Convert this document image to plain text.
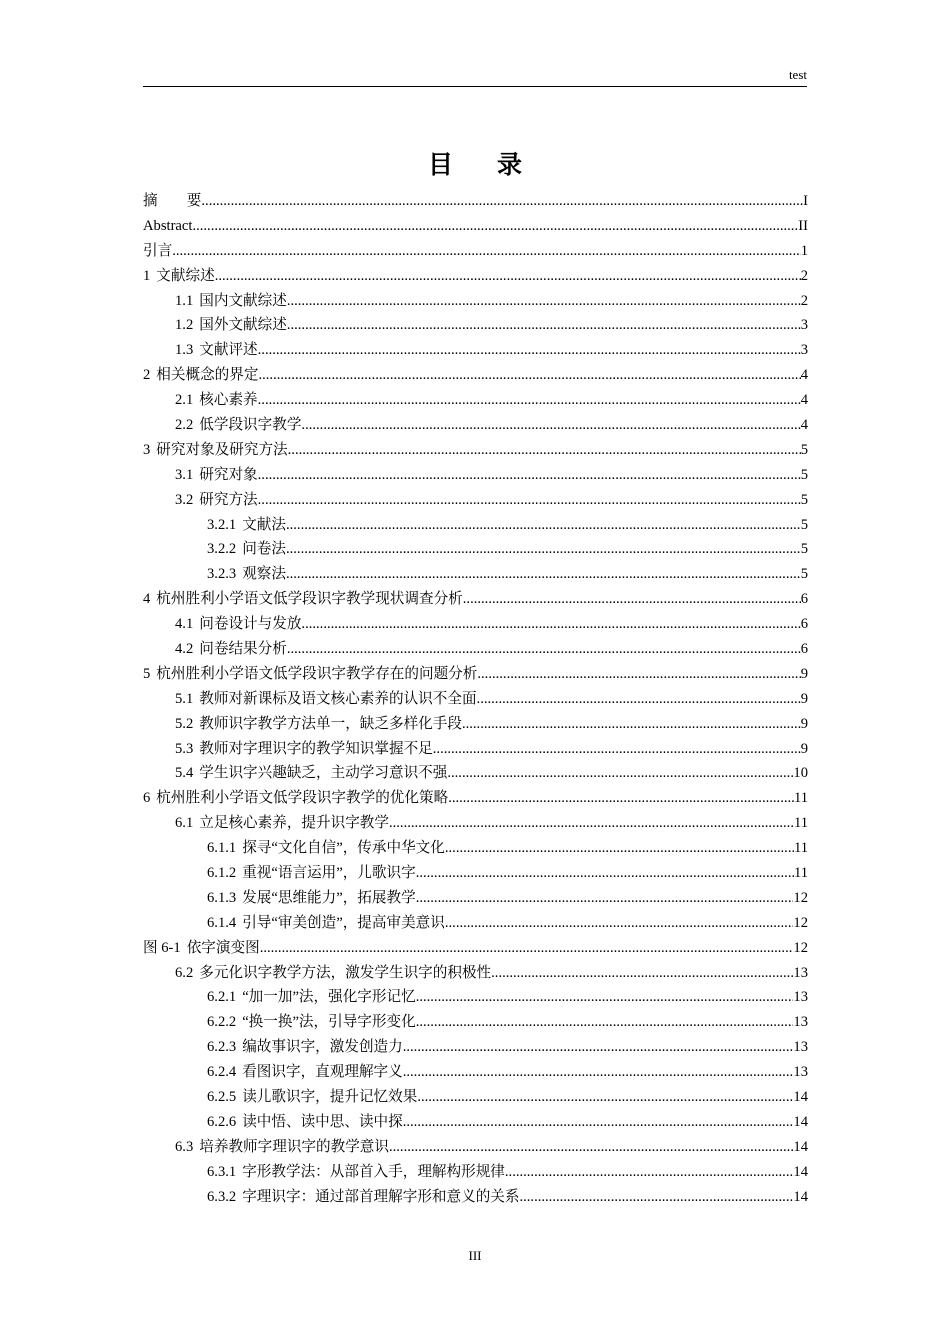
test
目录
摘　　要 .....	I
Abstract .....	II
引言 .....	1
1 文献综述 .....	2
1.1 国内文献综述 .....	2
1.2 国外文献综述 .....	3
1.3 文献评述 .....	3
2 相关概念的界定 .....	4
2.1 核心素养 .....	4
2.2 低学段识字教学 .....	4
3 研究对象及研究方法 .....	5
3.1 研究对象 .....	5
3.2 研究方法 .....	5
3.2.1 文献法 .....	5
3.2.2 问卷法 .....	5
3.2.3 观察法 .....	5
4 杭州胜利小学语文低学段识字教学现状调查分析 .....	6
4.1 问卷设计与发放 .....	6
4.2 问卷结果分析 .....	6
5 杭州胜利小学语文低学段识字教学存在的问题分析 .....	9
5.1 教师对新课标及语文核心素养的认识不全面 .....	9
5.2 教师识字教学方法单一，缺乏多样化手段 .....	9
5.3 教师对字理识字的教学知识掌握不足 .....	9
5.4 学生识字兴趣缺乏，主动学习意识不强 .....	10
6 杭州胜利小学语文低学段识字教学的优化策略 .....	11
6.1 立足核心素养，提升识字教学 .....	11
6.1.1 探寻“文化自信”，传承中华文化 .....	11
6.1.2 重视“语言运用”，儿歌识字 .....	11
6.1.3 发展“思维能力”，拓展教学 .....	12
6.1.4 引导“审美创造”，提高审美意识 .....	12
图 6-1 依字演变图 .....	12
6.2 多元化识字教学方法，激发学生识字的积极性 .....	13
6.2.1 “加一加”法，强化字形记忆 .....	13
6.2.2 “换一换”法，引导字形变化 .....	13
6.2.3 编故事识字，激发创造力 .....	13
6.2.4 看图识字，直观理解字义 .....	13
6.2.5 读儿歌识字，提升记忆效果 .....	14
6.2.6 读中悟、读中思、读中探 .....	14
6.3 培养教师字理识字的教学意识 .....	14
6.3.1 字形教学法：从部首入手，理解构形规律 .....	14
6.3.2 字理识字：通过部首理解字形和意义的关系 .....	14
III
